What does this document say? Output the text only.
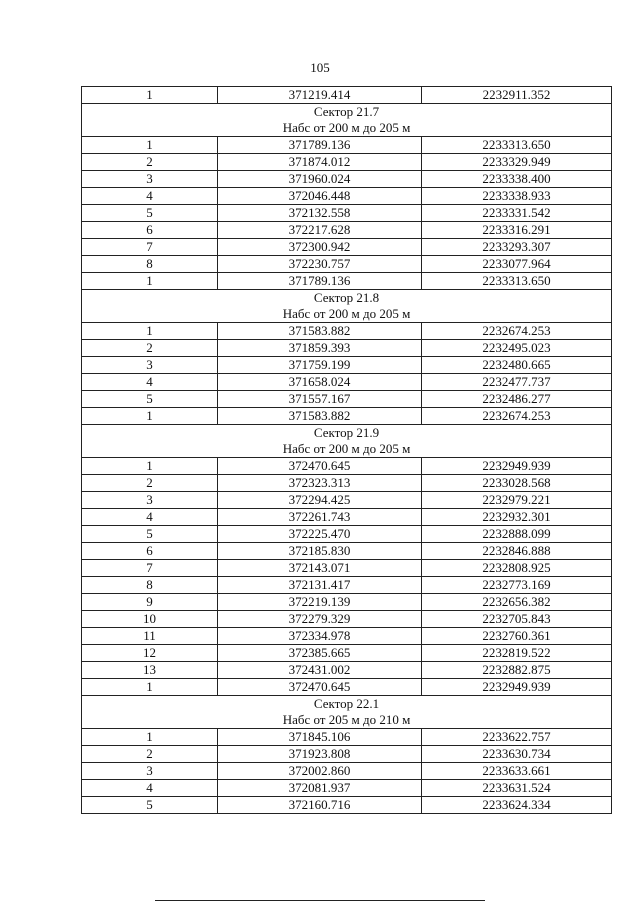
105
1	371219.414	2232911.352
Сектор 21.7		
Набс от 200 м до 205 м		
1	371789.136	2233313.650
2	371874.012	2233329.949
3	371960.024	2233338.400
4	372046.448	2233338.933
5	372132.558	2233331.542
6	372217.628	2233316.291
7	372300.942	2233293.307
8	372230.757	2233077.964
1	371789.136	2233313.650
Сектор 21.8		
Набс от 200 м до 205 м		
1	371583.882	2232674.253
2	371859.393	2232495.023
3	371759.199	2232480.665
4	371658.024	2232477.737
5	371557.167	2232486.277
1	371583.882	2232674.253
Сектор 21.9		
Набс от 200 м до 205 м		
1	372470.645	2232949.939
2	372323.313	2233028.568
3	372294.425	2232979.221
4	372261.743	2232932.301
5	372225.470	2232888.099
6	372185.830	2232846.888
7	372143.071	2232808.925
8	372131.417	2232773.169
9	372219.139	2232656.382
10	372279.329	2232705.843
11	372334.978	2232760.361
12	372385.665	2232819.522
13	372431.002	2232882.875
1	372470.645	2232949.939
Сектор 22.1		
Набс от 205 м до 210 м		
1	371845.106	2233622.757
2	371923.808	2233630.734
3	372002.860	2233633.661
4	372081.937	2233631.524
5	372160.716	2233624.334
